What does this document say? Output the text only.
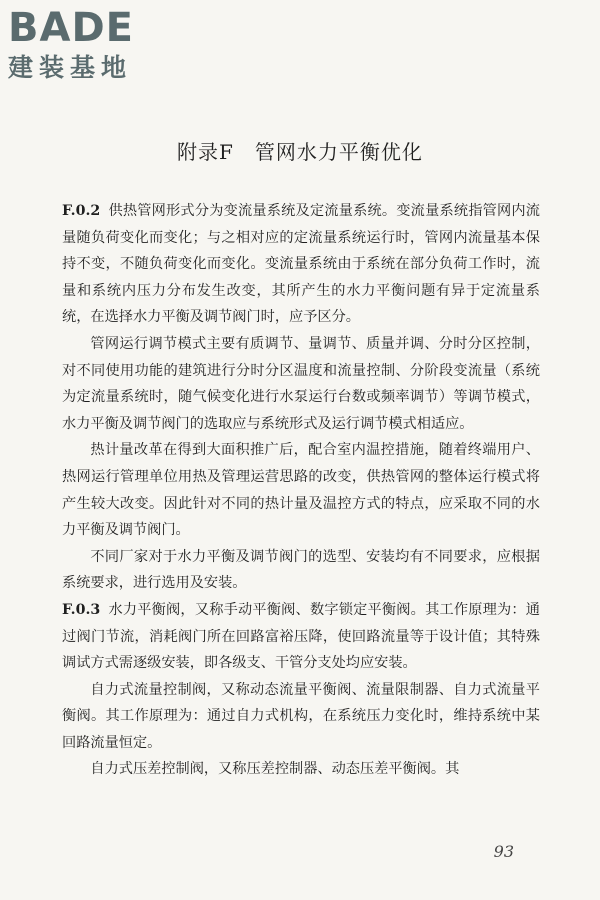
BADE
建装基地
附录F　管网水力平衡优化

F.0.2 供热管网形式分为变流量系统及定流量系统。变流量系统指管网内流量随负荷变化而变化；与之相对应的定流量系统运行时，管网内流量基本保持不变，不随负荷变化而变化。变流量系统由于系统在部分负荷工作时，流量和系统内压力分布发生改变，其所产生的水力平衡问题有异于定流量系统，在选择水力平衡及调节阀门时，应予区分。

管网运行调节模式主要有质调节、量调节、质量并调、分时分区控制，对不同使用功能的建筑进行分时分区温度和流量控制、分阶段变流量（系统为定流量系统时，随气候变化进行水泵运行台数或频率调节）等调节模式，水力平衡及调节阀门的选取应与系统形式及运行调节模式相适应。

热计量改革在得到大面积推广后，配合室内温控措施，随着终端用户、热网运行管理单位用热及管理运营思路的改变，供热管网的整体运行模式将产生较大改变。因此针对不同的热计量及温控方式的特点，应采取不同的水力平衡及调节阀门。

不同厂家对于水力平衡及调节阀门的选型、安装均有不同要求，应根据系统要求，进行选用及安装。

F.0.3 水力平衡阀，又称手动平衡阀、数字锁定平衡阀。其工作原理为：通过阀门节流，消耗阀门所在回路富裕压降，使回路流量等于设计值；其特殊调试方式需逐级安装，即各级支、干管分支处均应安装。

自力式流量控制阀，又称动态流量平衡阀、流量限制器、自力式流量平衡阀。其工作原理为：通过自力式机构，在系统压力变化时，维持系统中某回路流量恒定。

自力式压差控制阀，又称压差控制器、动态压差平衡阀。其

93
